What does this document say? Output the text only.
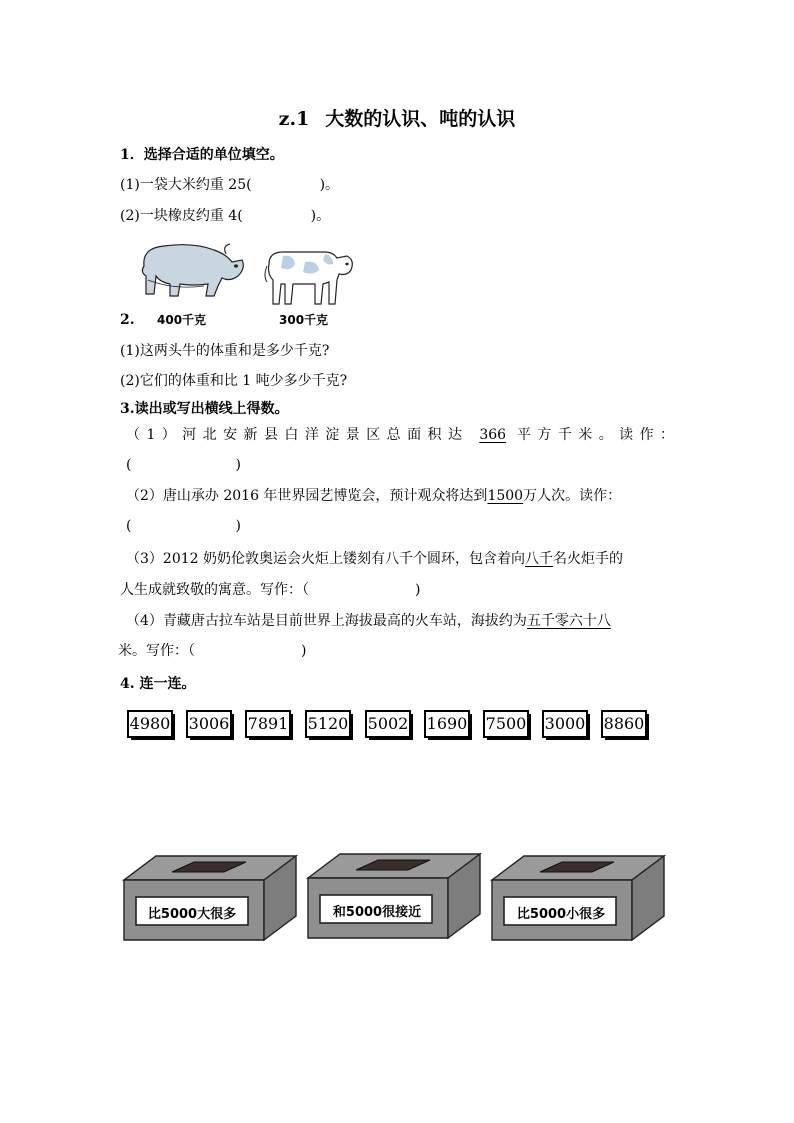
z.1 大数的认识、吨的认识
1．选择合适的单位填空。
(1)一袋大米约重 25(	)。
(2)一块橡皮约重 4(	)。
2. 400千克	300千克
(1)这两头牛的体重和是多少千克?
(2)它们的体重和比 1 吨少多少千克?
3.读出或写出横线上得数。
（1）河北安新县白洋淀景区总面积达 366 平方千米。读作：
(	)
（2）唐山承办 2016 年世界园艺博览会，预计观众将达到1500万人次。读作：
(	)
（3）2012 奶奶伦敦奥运会火炬上镂刻有八千个圆环，包含着向八千名火炬手的
人生成就致敬的寓意。写作：（	)
（4）青藏唐古拉车站是目前世界上海拔最高的火车站，海拔约为五千零六十八
米。写作：（	)
4. 连一连。
4980 3006 7891 5120 5002 1690 7500 3000 8860
比5000大很多	和5000很接近	比5000小很多
